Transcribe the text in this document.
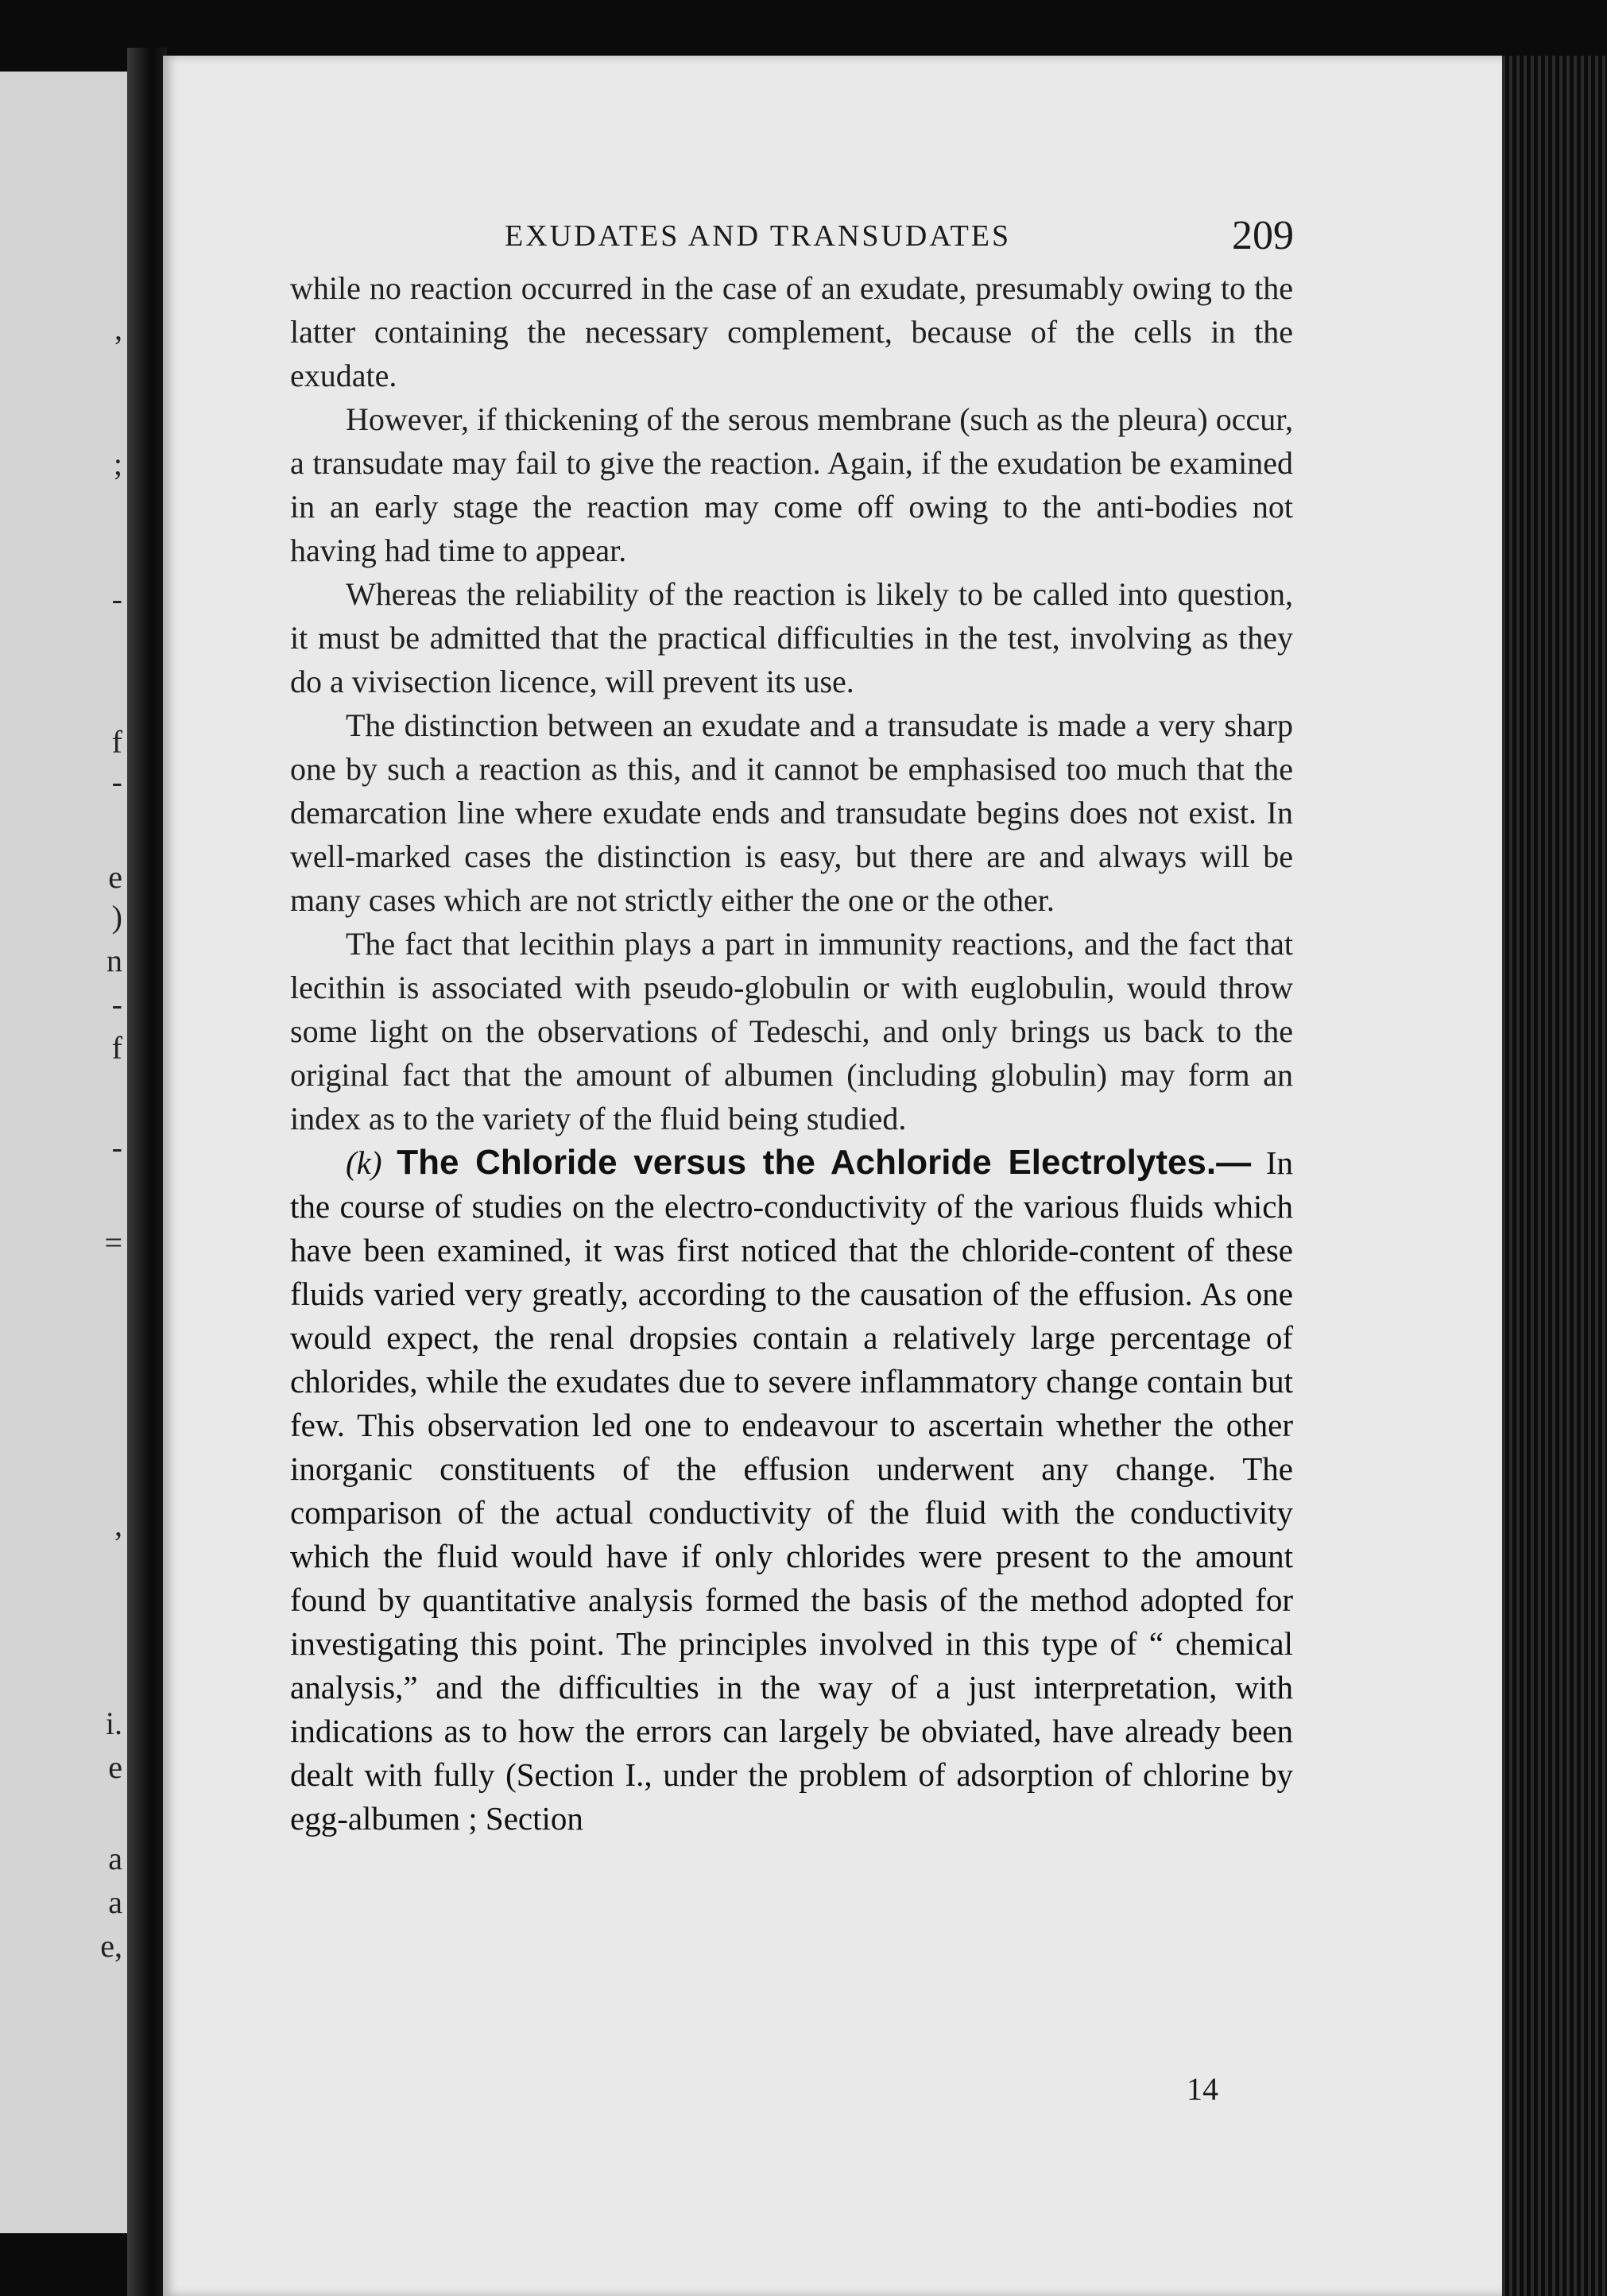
,
;
-
f
-
e
)
n
-
f
-
=
,
i.
e
a
a
e,
EXUDATES AND TRANSUDATES	209

while no reaction occurred in the case of an exudate, presumably owing to the latter containing the necessary complement, because of the cells in the exudate.

However, if thickening of the serous membrane (such as the pleura) occur, a transudate may fail to give the reaction. Again, if the exudation be examined in an early stage the reaction may come off owing to the anti-bodies not having had time to appear.

Whereas the reliability of the reaction is likely to be called into question, it must be admitted that the practical difficulties in the test, involving as they do a vivisection licence, will prevent its use.

The distinction between an exudate and a transudate is made a very sharp one by such a reaction as this, and it cannot be emphasised too much that the demarcation line where exudate ends and transudate begins does not exist. In well-marked cases the distinction is easy, but there are and always will be many cases which are not strictly either the one or the other.

The fact that lecithin plays a part in immunity reactions, and the fact that lecithin is associated with pseudo-globulin or with euglobulin, would throw some light on the observations of Tedeschi, and only brings us back to the original fact that the amount of albumen (including globulin) may form an index as to the variety of the fluid being studied.

(k) The Chloride versus the Achloride Electrolytes.— In the course of studies on the electro-conductivity of the various fluids which have been examined, it was first noticed that the chloride-content of these fluids varied very greatly, according to the causation of the effusion. As one would expect, the renal dropsies contain a relatively large percentage of chlorides, while the exudates due to severe inflammatory change contain but few. This observation led one to endeavour to ascertain whether the other inorganic constituents of the effusion underwent any change. The comparison of the actual conductivity of the fluid with the conductivity which the fluid would have if only chlorides were present to the amount found by quantitative analysis formed the basis of the method adopted for investigating this point. The principles involved in this type of “ chemical analysis,” and the difficulties in the way of a just interpretation, with indications as to how the errors can largely be obviated, have already been dealt with fully (Section I., under the problem of adsorption of chlorine by egg-albumen ; Section

14
